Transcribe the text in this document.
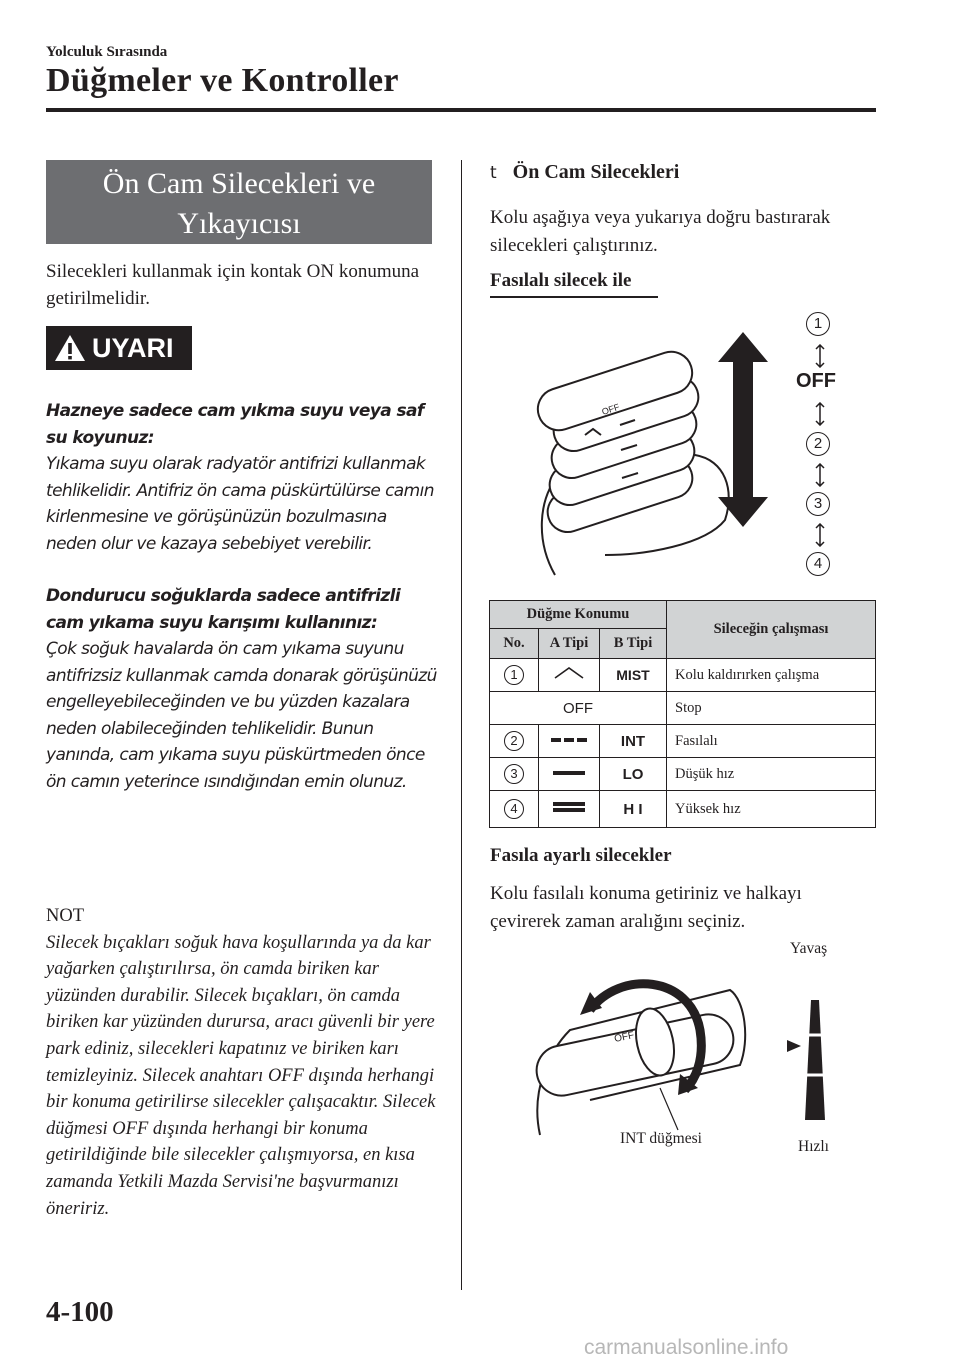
Yolculuk Sırasında
Düğmeler ve Kontroller
Ön Cam Silecekleri ve
Yıkayıcısı
Silecekleri kullanmak için kontak ON konumuna getirilmelidir.
UYARI

Hazneye sadece cam yıkma suyu veya saf su koyunuz:

Yıkama suyu olarak radyatör antifrizi kullanmak tehlikelidir. Antifriz ön cama püskürtülürse camın kirlenmesine ve görüşünüzün bozulmasına neden olur ve kazaya sebebiyet verebilir.

Dondurucu soğuklarda sadece antifrizli cam yıkama suyu karışımı kullanınız:

Çok soğuk havalarda ön cam yıkama suyunu antifrizsiz kullanmak camda donarak görüşünüzü engelleyebileceğinden ve bu yüzden kazalara neden olabileceğinden tehlikelidir. Bunun yanında, cam yıkama suyu püskürtmeden önce ön camın yeterince ısındığından emin olunuz.

NOT
Silecek bıçakları soğuk hava koşullarında ya da kar yağarken çalıştırılırsa, ön camda biriken kar yüzünden durabilir. Silecek bıçakları, ön camda biriken kar yüzünden durursa, aracı güvenli bir yere park ediniz, silecekleri kapatınız ve biriken karı temizleyiniz. Silecek anahtarı OFF dışında herhangi bir konuma getirilirse silecekler çalışacaktır. Silecek düğmesi OFF dışında herhangi bir konuma getirildiğinde bile silecekler çalışmıyorsa, en kısa zamanda Yetkili Mazda Servisi'ne başvurmanızı öneririz.
t Ön Cam Silecekleri
Kolu aşağıya veya yukarıya doğru bastırarak silecekleri çalıştırınız.
Fasılalı silecek ile
OFF
1
OFF
2
3
4
Düğme Konumu			Sileceğin çalışması
No.	A Tipi	B Tipi	
1		MIST	Kolu kaldırırken çalışma
OFF			Stop
2		INT	Fasılalı
3		LO	Düşük hız
4		H I	Yüksek hız
Fasıla ayarlı silecekler
Kolu fasılalı konuma getiriniz ve halkayı çevirerek zaman aralığını seçiniz.
OFF
Yavaş
Hızlı
INT düğmesi
4-100
carmanualsonline.info
